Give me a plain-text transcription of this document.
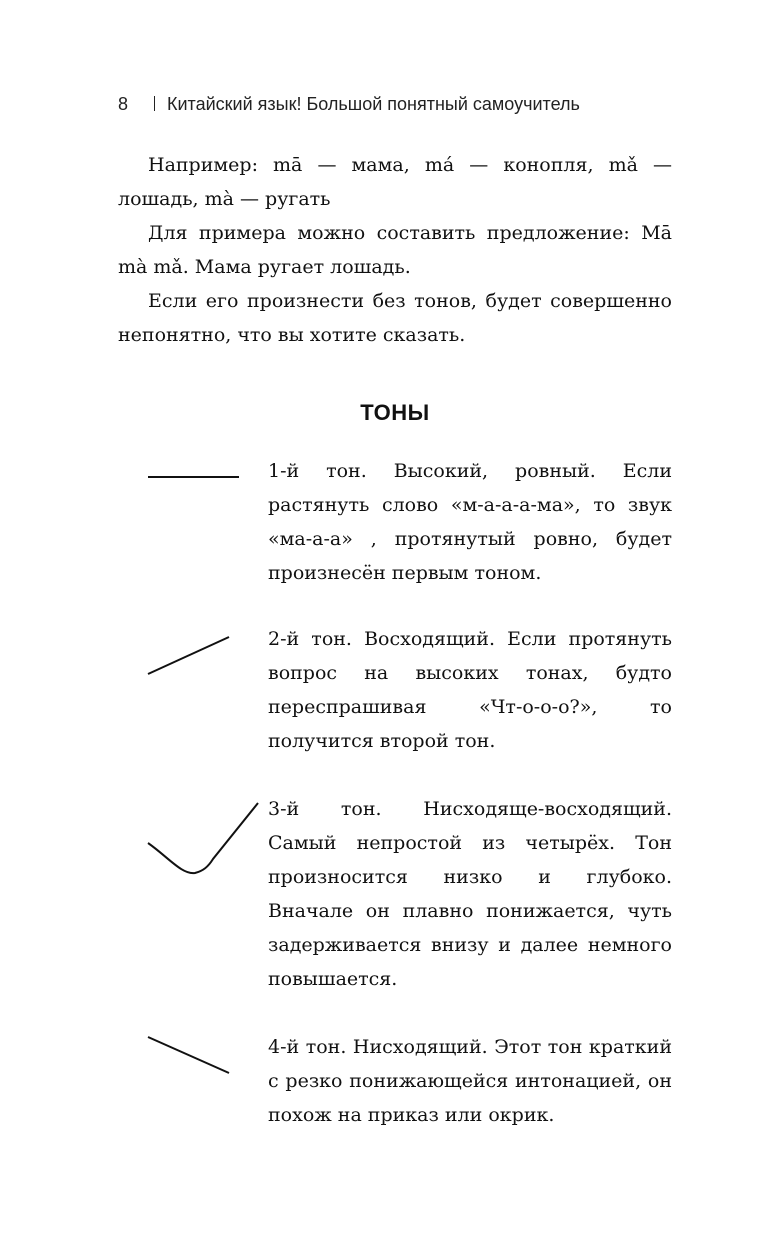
8 Китайский язык! Большой понятный самоучитель

Например: mā — мама, má — конопля, mǎ — лошадь, mà — ругать

Для примера можно составить предложение: Mā mà mǎ. Мама ругает лошадь.

Если его произнести без тонов, будет совершенно непонятно, что вы хотите сказать.

ТОНЫ

1-й тон. Высокий, ровный. Если растянуть слово «м-а-а-а-ма», то звук «ма-а-а» , протянутый ровно, будет произнесён первым тоном.

2-й тон. Восходящий. Если протянуть вопрос на высоких тонах, будто переспрашивая «Чт-о-о-о?», то получится второй тон.

3-й тон. Нисходяще-восходящий. Самый непростой из четырёх. Тон произносится низко и глубоко. Вначале он плавно понижается, чуть задерживается внизу и далее немного повышается.

4-й тон. Нисходящий. Этот тон краткий с резко понижающейся интонацией, он похож на приказ или окрик.
